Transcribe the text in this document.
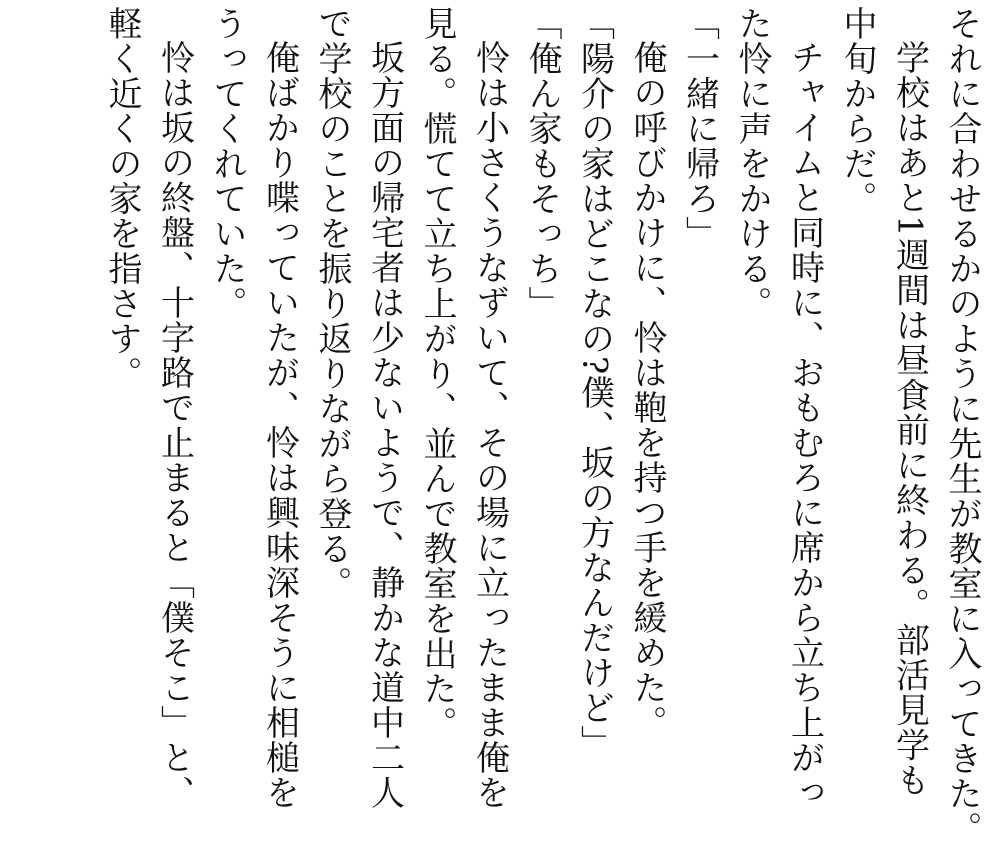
それに合わせるかのように先生が教室に入ってきた。
学校はあと1週間は昼食前に終わる。部活見学も
中旬からだ。
チャイムと同時に、おもむろに席から立ち上がっ
た怜に声をかける。
「一緒に帰ろ」
俺の呼びかけに、怜は鞄を持つ手を緩めた。
「陽介の家はどこなの?僕、坂の方なんだけど」
「俺ん家もそっち」
怜は小さくうなずいて、その場に立ったまま俺を
見る。慌てて立ち上がり、並んで教室を出た。
坂方面の帰宅者は少ないようで、静かな道中二人
で学校のことを振り返りながら登る。
俺ばかり喋っていたが、怜は興味深そうに相槌を
うってくれていた。
怜は坂の終盤、十字路で止まると「僕そこ」と、
軽く近くの家を指さす。
